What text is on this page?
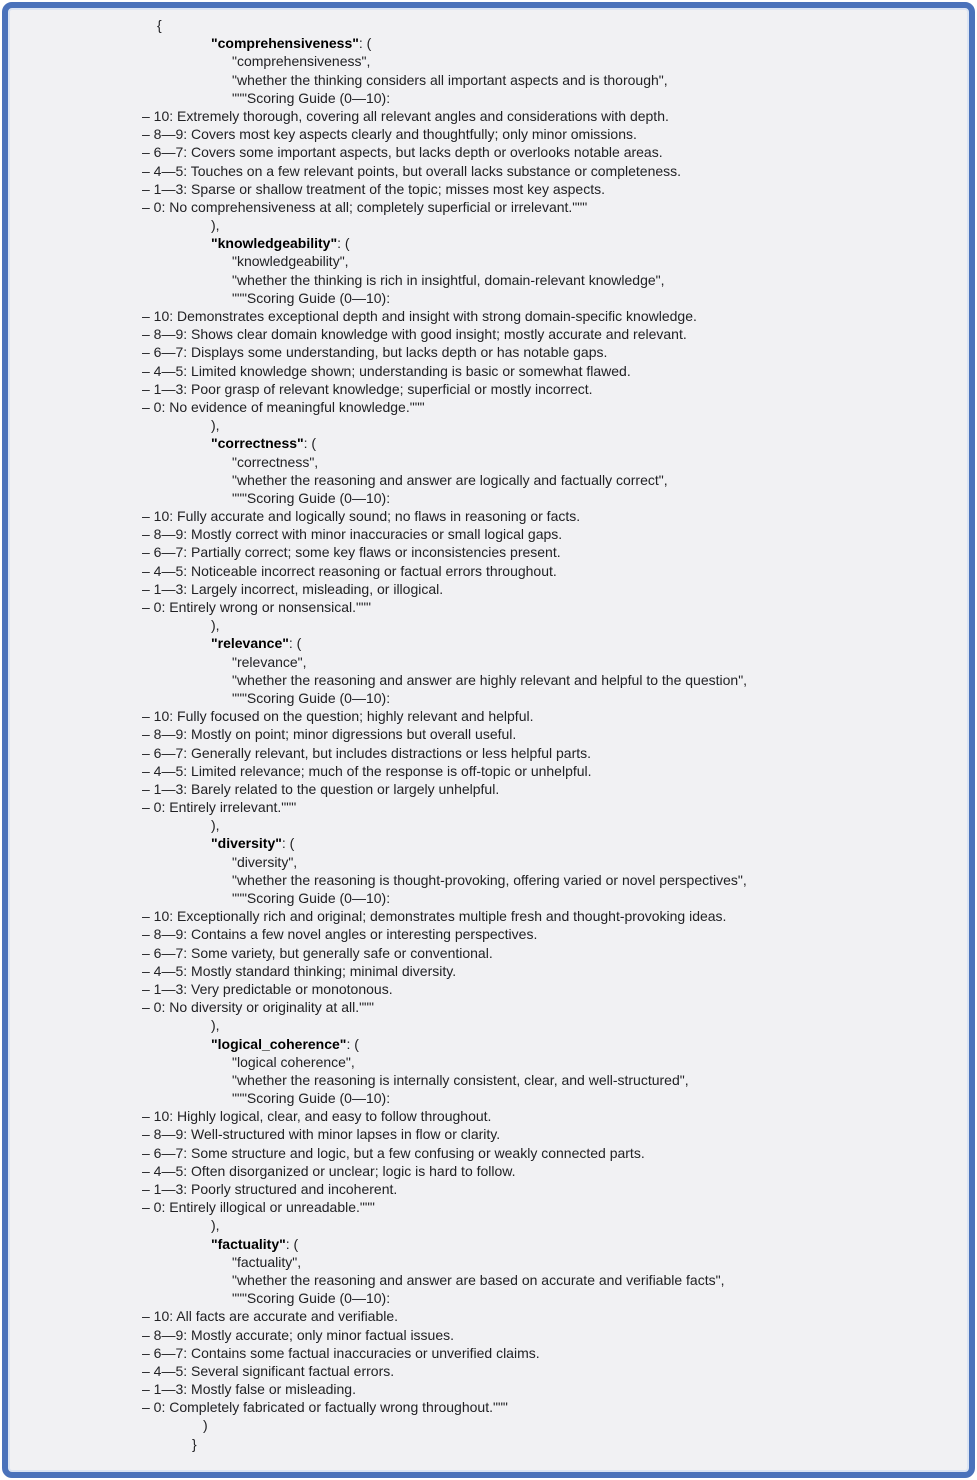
{
"comprehensiveness": (
"comprehensiveness",
"whether the thinking considers all important aspects and is thorough",
"""Scoring Guide (0—10):
– 10: Extremely thorough, covering all relevant angles and considerations with depth.
– 8—9: Covers most key aspects clearly and thoughtfully; only minor omissions.
– 6—7: Covers some important aspects, but lacks depth or overlooks notable areas.
– 4—5: Touches on a few relevant points, but overall lacks substance or completeness.
– 1—3: Sparse or shallow treatment of the topic; misses most key aspects.
– 0: No comprehensiveness at all; completely superficial or irrelevant."""
),
"knowledgeability": (
"knowledgeability",
"whether the thinking is rich in insightful, domain-relevant knowledge",
"""Scoring Guide (0—10):
– 10: Demonstrates exceptional depth and insight with strong domain-specific knowledge.
– 8—9: Shows clear domain knowledge with good insight; mostly accurate and relevant.
– 6—7: Displays some understanding, but lacks depth or has notable gaps.
– 4—5: Limited knowledge shown; understanding is basic or somewhat flawed.
– 1—3: Poor grasp of relevant knowledge; superficial or mostly incorrect.
– 0: No evidence of meaningful knowledge."""
),
"correctness": (
"correctness",
"whether the reasoning and answer are logically and factually correct",
"""Scoring Guide (0—10):
– 10: Fully accurate and logically sound; no flaws in reasoning or facts.
– 8—9: Mostly correct with minor inaccuracies or small logical gaps.
– 6—7: Partially correct; some key flaws or inconsistencies present.
– 4—5: Noticeable incorrect reasoning or factual errors throughout.
– 1—3: Largely incorrect, misleading, or illogical.
– 0: Entirely wrong or nonsensical."""
),
"relevance": (
"relevance",
"whether the reasoning and answer are highly relevant and helpful to the question",
"""Scoring Guide (0—10):
– 10: Fully focused on the question; highly relevant and helpful.
– 8—9: Mostly on point; minor digressions but overall useful.
– 6—7: Generally relevant, but includes distractions or less helpful parts.
– 4—5: Limited relevance; much of the response is off-topic or unhelpful.
– 1—3: Barely related to the question or largely unhelpful.
– 0: Entirely irrelevant."""
),
"diversity": (
"diversity",
"whether the reasoning is thought-provoking, offering varied or novel perspectives",
"""Scoring Guide (0—10):
– 10: Exceptionally rich and original; demonstrates multiple fresh and thought-provoking ideas.
– 8—9: Contains a few novel angles or interesting perspectives.
– 6—7: Some variety, but generally safe or conventional.
– 4—5: Mostly standard thinking; minimal diversity.
– 1—3: Very predictable or monotonous.
– 0: No diversity or originality at all."""
),
"logical_coherence": (
"logical coherence",
"whether the reasoning is internally consistent, clear, and well-structured",
"""Scoring Guide (0—10):
– 10: Highly logical, clear, and easy to follow throughout.
– 8—9: Well-structured with minor lapses in flow or clarity.
– 6—7: Some structure and logic, but a few confusing or weakly connected parts.
– 4—5: Often disorganized or unclear; logic is hard to follow.
– 1—3: Poorly structured and incoherent.
– 0: Entirely illogical or unreadable."""
),
"factuality": (
"factuality",
"whether the reasoning and answer are based on accurate and verifiable facts",
"""Scoring Guide (0—10):
– 10: All facts are accurate and verifiable.
– 8—9: Mostly accurate; only minor factual issues.
– 6—7: Contains some factual inaccuracies or unverified claims.
– 4—5: Several significant factual errors.
– 1—3: Mostly false or misleading.
– 0: Completely fabricated or factually wrong throughout."""
)
}
